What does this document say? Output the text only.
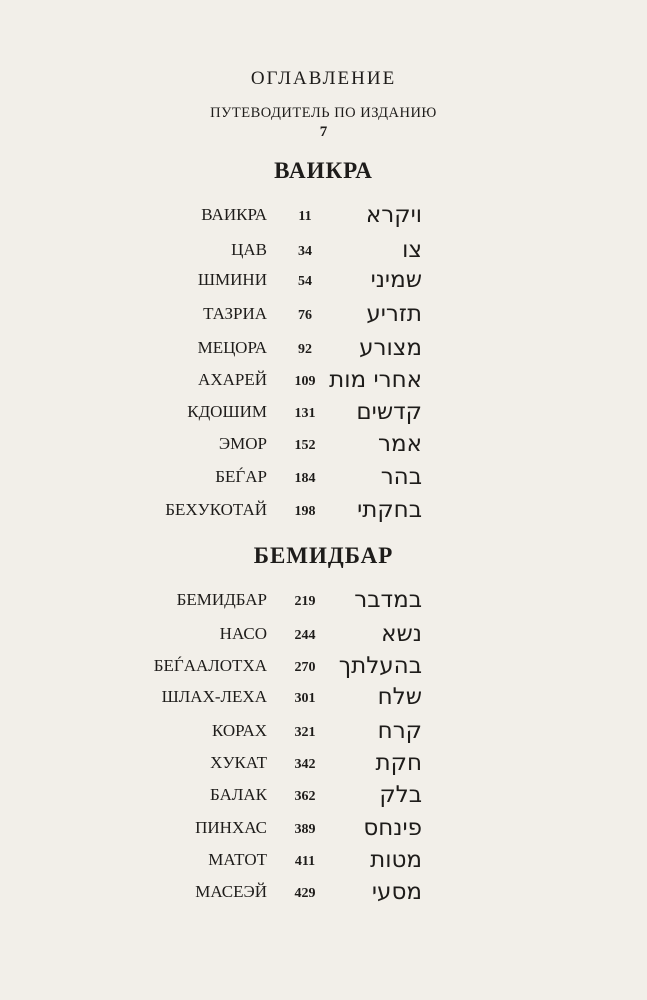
ОГЛАВЛЕНИЕ
ПУТЕВОДИТЕЛЬ ПО ИЗДАНИЮ
7
ВАИКРА
ВАИКРА	11	ויקרא
ЦАВ	34	צו
ШМИНИ	54	שמיני
ТАЗРИА	76	תזריע
МЕЦОРА	92	מצורע
АХАРЕЙ	109 אחרי מות
КДОШИМ	131	קדשים
ЭМОР	152	אמר
БЕЃАР	184	בהר
БЕХУКОТАЙ	198	בחקתי
БЕМИДБАР
БЕМИДБАР	219	במדבר
НАСО	244	נשא
БЕЃААЛОТХА	270	בהעלתך
ШЛАХ-ЛЕХА	301	שלח
КОРАХ	321	קרח
ХУКАТ	342	חקת
БАЛАК	362	בלק
ПИНХАС	389	פינחס
МАТОТ	411	מטות
МАСЕЭЙ	429	מסעי
